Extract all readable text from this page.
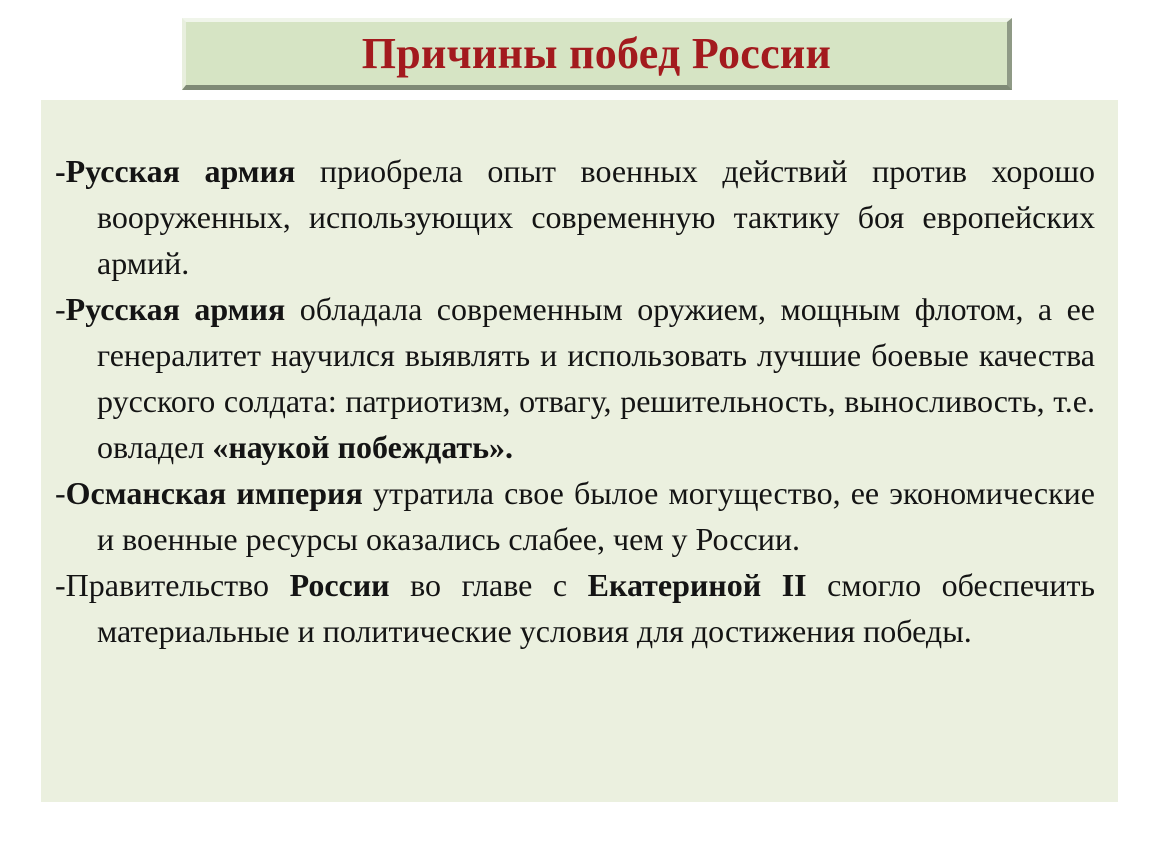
Причины побед России
-Русская армия приобрела опыт военных действий против хорошо вооруженных, использующих современную тактику боя европейских армий.
-Русская армия обладала современным оружием, мощным флотом, а ее генералитет научился выявлять и использовать лучшие боевые качества русского солдата: патриотизм, отвагу, решительность, выносливость, т.е. овладел «наукой побеждать».
-Османская империя утратила свое былое могущество, ее экономические и военные ресурсы оказались слабее, чем у России.
-Правительство России во главе с Екатериной II смогло обеспечить материальные и политические условия для достижения победы.
